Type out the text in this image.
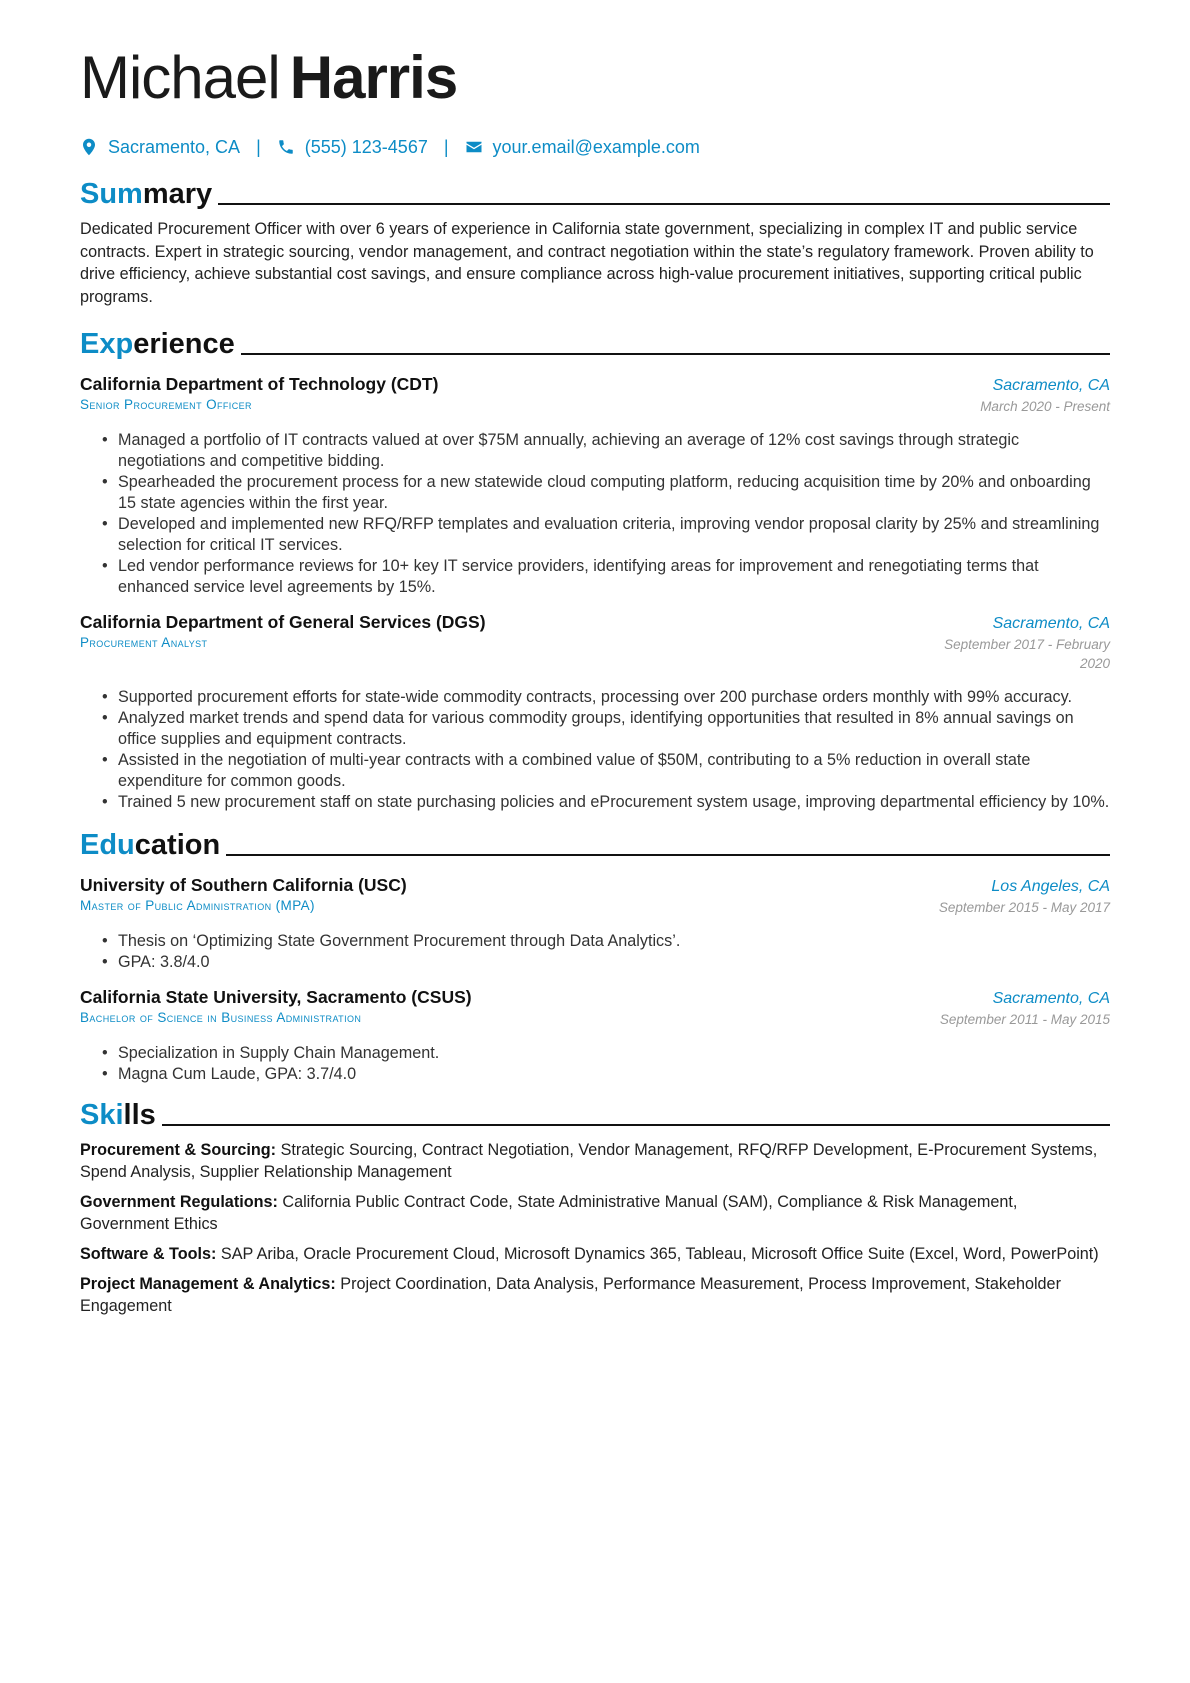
Michael Harris
Sacramento, CA | (555) 123-4567 | your.email@example.com
Summary

Dedicated Procurement Officer with over 6 years of experience in California state government, specializing in complex IT and public service contracts. Expert in strategic sourcing, vendor management, and contract negotiation within the state’s regulatory framework. Proven ability to drive efficiency, achieve substantial cost savings, and ensure compliance across high-value procurement initiatives, supporting critical public programs.

Experience
California Department of Technology (CDT)	Sacramento, CA
Senior Procurement Officer	March 2020 - Present
• Managed a portfolio of IT contracts valued at over $75M annually, achieving an average of 12% cost savings through strategic negotiations and competitive bidding.
• Spearheaded the procurement process for a new statewide cloud computing platform, reducing acquisition time by 20% and onboarding 15 state agencies within the first year.
• Developed and implemented new RFQ/RFP templates and evaluation criteria, improving vendor proposal clarity by 25% and streamlining selection for critical IT services.
• Led vendor performance reviews for 10+ key IT service providers, identifying areas for improvement and renegotiating terms that enhanced service level agreements by 15%.
California Department of General Services (DGS)	Sacramento, CA
Procurement Analyst	September 2017 - February 2020
• Supported procurement efforts for state-wide commodity contracts, processing over 200 purchase orders monthly with 99% accuracy.
• Analyzed market trends and spend data for various commodity groups, identifying opportunities that resulted in 8% annual savings on office supplies and equipment contracts.
• Assisted in the negotiation of multi-year contracts with a combined value of $50M, contributing to a 5% reduction in overall state expenditure for common goods.
• Trained 5 new procurement staff on state purchasing policies and eProcurement system usage, improving departmental efficiency by 10%.
Education
University of Southern California (USC)	Los Angeles, CA
Master of Public Administration (MPA)	September 2015 - May 2017
• Thesis on ‘Optimizing State Government Procurement through Data Analytics’.
• GPA: 3.8/4.0
California State University, Sacramento (CSUS)	Sacramento, CA
Bachelor of Science in Business Administration	September 2011 - May 2015
• Specialization in Supply Chain Management.
• Magna Cum Laude, GPA: 3.7/4.0
Skills

Procurement & Sourcing: Strategic Sourcing, Contract Negotiation, Vendor Management, RFQ/RFP Development, E-Procurement Systems, Spend Analysis, Supplier Relationship Management

Government Regulations: California Public Contract Code, State Administrative Manual (SAM), Compliance & Risk Management, Government Ethics

Software & Tools: SAP Ariba, Oracle Procurement Cloud, Microsoft Dynamics 365, Tableau, Microsoft Office Suite (Excel, Word, PowerPoint)

Project Management & Analytics: Project Coordination, Data Analysis, Performance Measurement, Process Improvement, Stakeholder Engagement
